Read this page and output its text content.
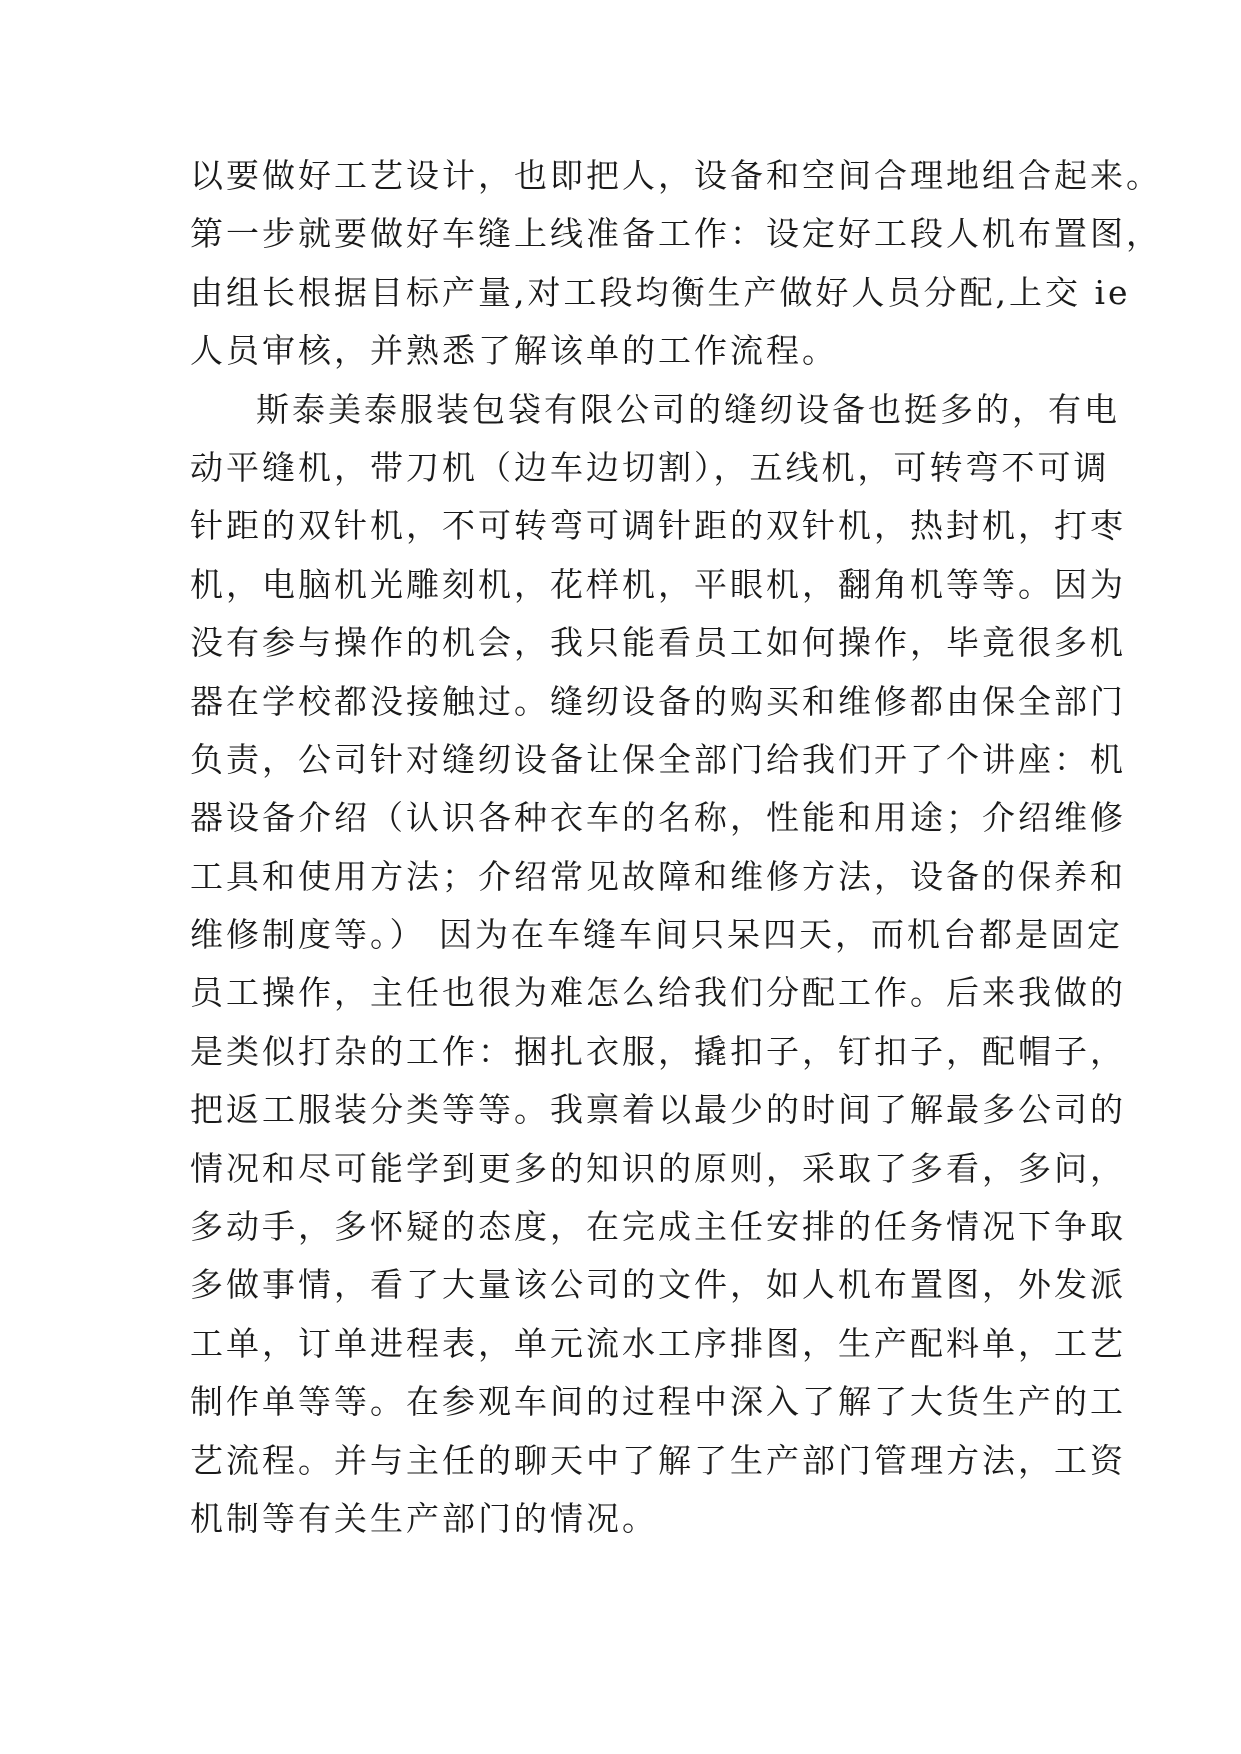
以要做好工艺设计，也即把人，设备和空间合理地组合起来。
第一步就要做好车缝上线准备工作：设定好工段人机布置图，
由组长根据目标产量,对工段均衡生产做好人员分配,上交 ie
人员审核，并熟悉了解该单的工作流程。
斯泰美泰服装包袋有限公司的缝纫设备也挺多的，有电
动平缝机，带刀机（边车边切割），五线机，可转弯不可调
针距的双针机，不可转弯可调针距的双针机，热封机，打枣
机，电脑机光雕刻机，花样机，平眼机，翻角机等等。因为
没有参与操作的机会，我只能看员工如何操作，毕竟很多机
器在学校都没接触过。缝纫设备的购买和维修都由保全部门
负责，公司针对缝纫设备让保全部门给我们开了个讲座：机
器设备介绍（认识各种衣车的名称，性能和用途；介绍维修
工具和使用方法；介绍常见故障和维修方法，设备的保养和
维修制度等。） 因为在车缝车间只呆四天，而机台都是固定
员工操作，主任也很为难怎么给我们分配工作。后来我做的
是类似打杂的工作：捆扎衣服，撬扣子，钉扣子，配帽子，
把返工服装分类等等。我禀着以最少的时间了解最多公司的
情况和尽可能学到更多的知识的原则，采取了多看，多问，
多动手，多怀疑的态度，在完成主任安排的任务情况下争取
多做事情，看了大量该公司的文件，如人机布置图，外发派
工单，订单进程表，单元流水工序排图，生产配料单，工艺
制作单等等。在参观车间的过程中深入了解了大货生产的工
艺流程。并与主任的聊天中了解了生产部门管理方法，工资
机制等有关生产部门的情况。
